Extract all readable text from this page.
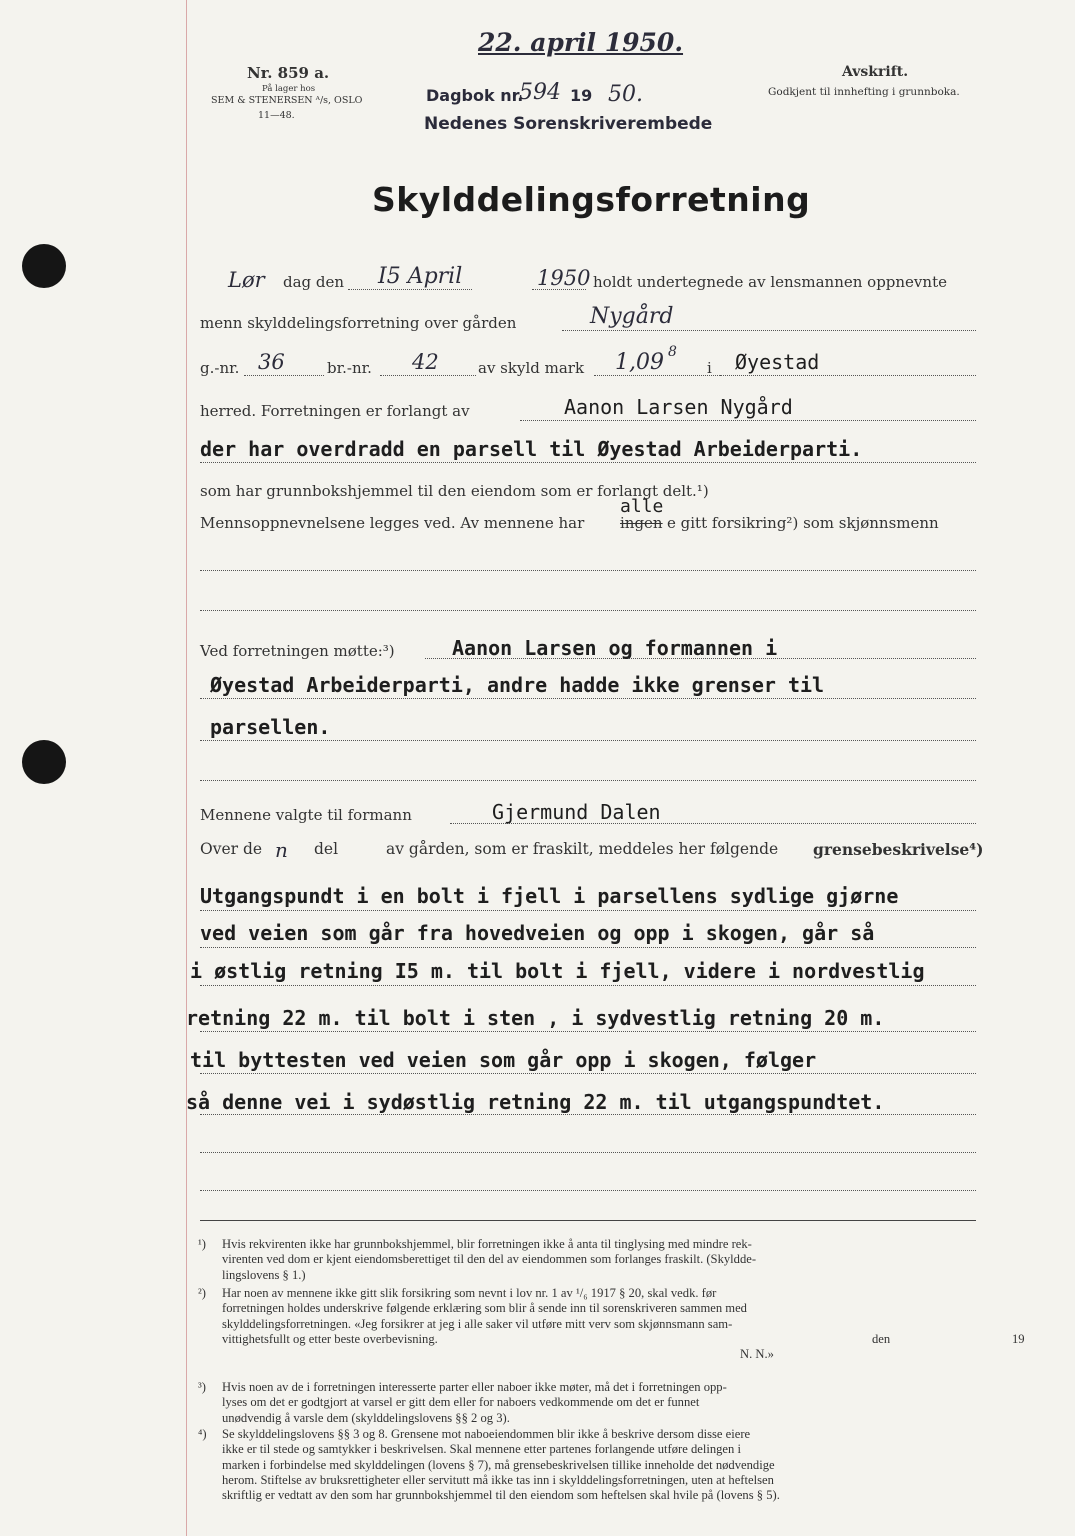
22. april 1950.
Nr. 859 a.
På lager hos
SEM & STENERSEN ᴬ/s, OSLO
11—48.
Dagbok nr.
594 19 50.
Nedenes Sorenskriverembede
Avskrift.
Godkjent til innhefting i grunnboka.
Skylddelingsforretning
Lør dag den I5 April	1950 holdt undertegnede av lensmannen oppnevnte
menn skylddelingsforretning over gården	Nygård
g.-nr. 36	br.-nr. 42	av skyld mark 1,09 8
i Øyestad
herred. Forretningen er forlangt av	Aanon Larsen Nygård
der har overdradd en parsell til Øyestad Arbeiderparti.
som har grunnbokshjemmel til den eiendom som er forlangt delt.¹)
Mennsoppnevnelsene legges ved. Av mennene har
alle
ingen e gitt forsikring²) som skjønnsmenn
Ved forretningen møtte:³)	Aanon Larsen og formannen i
Øyestad Arbeiderparti, andre hadde ikke grenser til
parsellen.
Mennene valgte til formann	Gjermund Dalen
Over de n del	av gården, som er fraskilt, meddeles her følgende grensebeskrivelse⁴)
Utgangspundt i en bolt i fjell i parsellens sydlige gjørne
ved veien som går fra hovedveien og opp i skogen, går så
i østlig retning I5 m. til bolt i fjell, videre i nordvestlig
retning 22 m. til bolt i sten , i sydvestlig retning 20 m.
til byttesten ved veien som går opp i skogen, følger
så denne vei i sydøstlig retning 22 m. til utgangspundtet.
¹)	Hvis rekvirenten ikke har grunnbokshjemmel, blir forretningen ikke å anta til tinglysing med mindre rek-
virenten ved dom er kjent eiendomsberettiget til den del av eiendommen som forlanges fraskilt. (Skyldde-
lingslovens § 1.)
²)	Har noen av mennene ikke gitt slik forsikring som nevnt i lov nr. 1 av ¹/₆ 1917 § 20, skal vedk. før
forretningen holdes underskrive følgende erklæring som blir å sende inn til sorenskriveren sammen med
skylddelingsforretningen. «Jeg forsikrer at jeg i alle saker vil utføre mitt verv som skjønnsmann sam-
vittighetsfullt og etter beste overbevisning.	den	19
N. N.»
³)	Hvis noen av de i forretningen interesserte parter eller naboer ikke møter, må det i forretningen opp-
lyses om det er godtgjort at varsel er gitt dem eller for naboers vedkommende om det er funnet
unødvendig å varsle dem (skylddelingslovens §§ 2 og 3).
⁴)	Se skylddelingslovens §§ 3 og 8. Grensene mot naboeiendommen blir ikke å beskrive dersom disse eiere
ikke er til stede og samtykker i beskrivelsen. Skal mennene etter partenes forlangende utføre delingen i
marken i forbindelse med skylddelingen (lovens § 7), må grensebeskrivelsen tillike inneholde det nødvendige
herom. Stiftelse av bruksrettigheter eller servitutt må ikke tas inn i skylddelingsforretningen, uten at heftelsen
skriftlig er vedtatt av den som har grunnbokshjemmel til den eiendom som heftelsen skal hvile på (lovens § 5).
